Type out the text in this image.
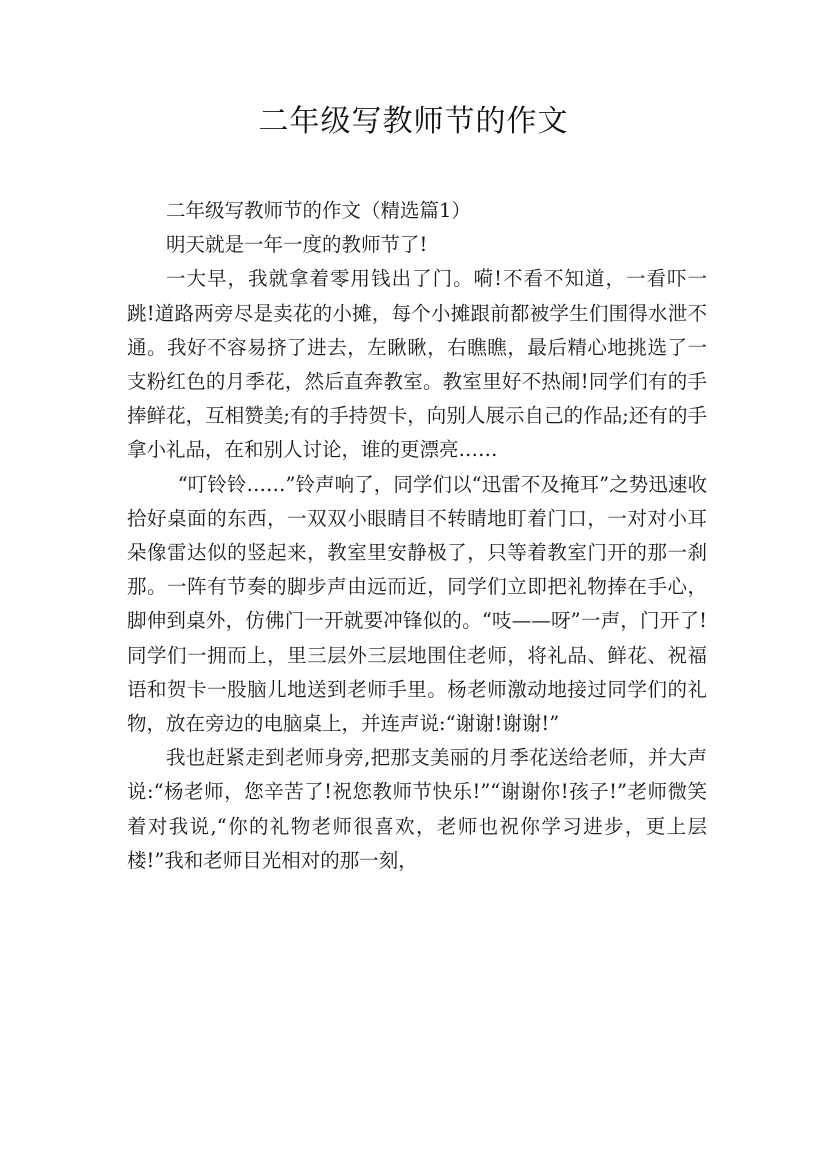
二年级写教师节的作文

二年级写教师节的作文（精选篇1）

明天就是一年一度的教师节了!

一大早，我就拿着零用钱出了门。嗬!不看不知道，一看吓一跳!道路两旁尽是卖花的小摊，每个小摊跟前都被学生们围得水泄不通。我好不容易挤了进去，左瞅瞅，右瞧瞧，最后精心地挑选了一支粉红色的月季花，然后直奔教室。教室里好不热闹!同学们有的手捧鲜花，互相赞美;有的手持贺卡，向别人展示自己的作品;还有的手拿小礼品，在和别人讨论，谁的更漂亮……

“叮铃铃……”铃声响了，同学们以“迅雷不及掩耳”之势迅速收拾好桌面的东西，一双双小眼睛目不转睛地盯着门口，一对对小耳朵像雷达似的竖起来，教室里安静极了，只等着教室门开的那一刹那。一阵有节奏的脚步声由远而近，同学们立即把礼物捧在手心，脚伸到桌外，仿佛门一开就要冲锋似的。“吱——呀”一声，门开了!同学们一拥而上，里三层外三层地围住老师，将礼品、鲜花、祝福语和贺卡一股脑儿地送到老师手里。杨老师激动地接过同学们的礼物，放在旁边的电脑桌上，并连声说:“谢谢!谢谢!”

我也赶紧走到老师身旁,把那支美丽的月季花送给老师，并大声说:“杨老师，您辛苦了!祝您教师节快乐!”“谢谢你!孩子!”老师微笑着对我说,“你的礼物老师很喜欢，老师也祝你学习进步，更上层楼!”我和老师目光相对的那一刻，
